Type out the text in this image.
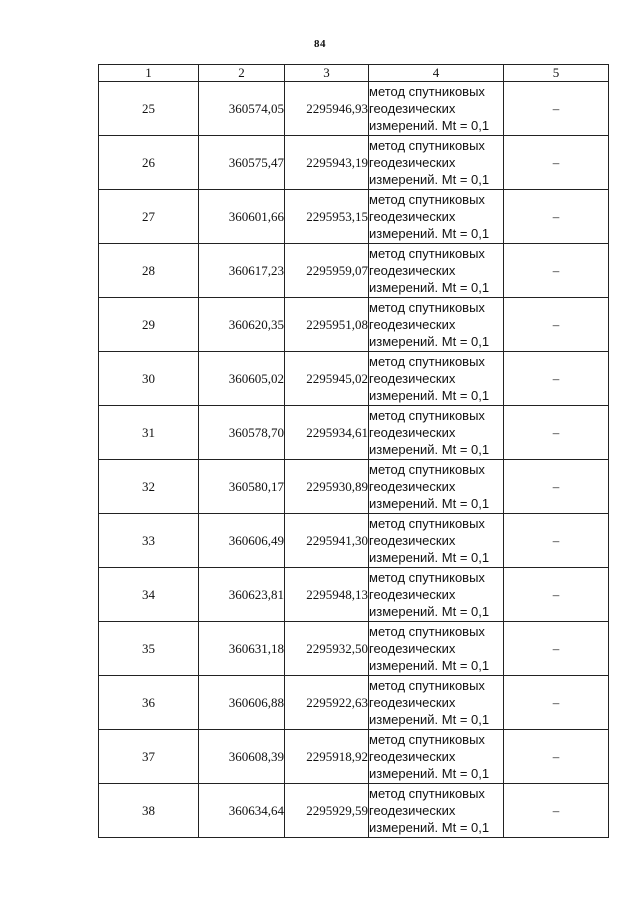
84
1	2	3	4	5
25	360574,05	2295946,93	метод спутниковых
геодезических
измерений. Mt = 0,1	–
26	360575,47	2295943,19	метод спутниковых
геодезических
измерений. Mt = 0,1	–
27	360601,66	2295953,15	метод спутниковых
геодезических
измерений. Mt = 0,1	–
28	360617,23	2295959,07	метод спутниковых
геодезических
измерений. Mt = 0,1	–
29	360620,35	2295951,08	метод спутниковых
геодезических
измерений. Mt = 0,1	–
30	360605,02	2295945,02	метод спутниковых
геодезических
измерений. Mt = 0,1	–
31	360578,70	2295934,61	метод спутниковых
геодезических
измерений. Mt = 0,1	–
32	360580,17	2295930,89	метод спутниковых
геодезических
измерений. Mt = 0,1	–
33	360606,49	2295941,30	метод спутниковых
геодезических
измерений. Mt = 0,1	–
34	360623,81	2295948,13	метод спутниковых
геодезических
измерений. Mt = 0,1	–
35	360631,18	2295932,50	метод спутниковых
геодезических
измерений. Mt = 0,1	–
36	360606,88	2295922,63	метод спутниковых
геодезических
измерений. Mt = 0,1	–
37	360608,39	2295918,92	метод спутниковых
геодезических
измерений. Mt = 0,1	–
38	360634,64	2295929,59	метод спутниковых
геодезических
измерений. Mt = 0,1	–
